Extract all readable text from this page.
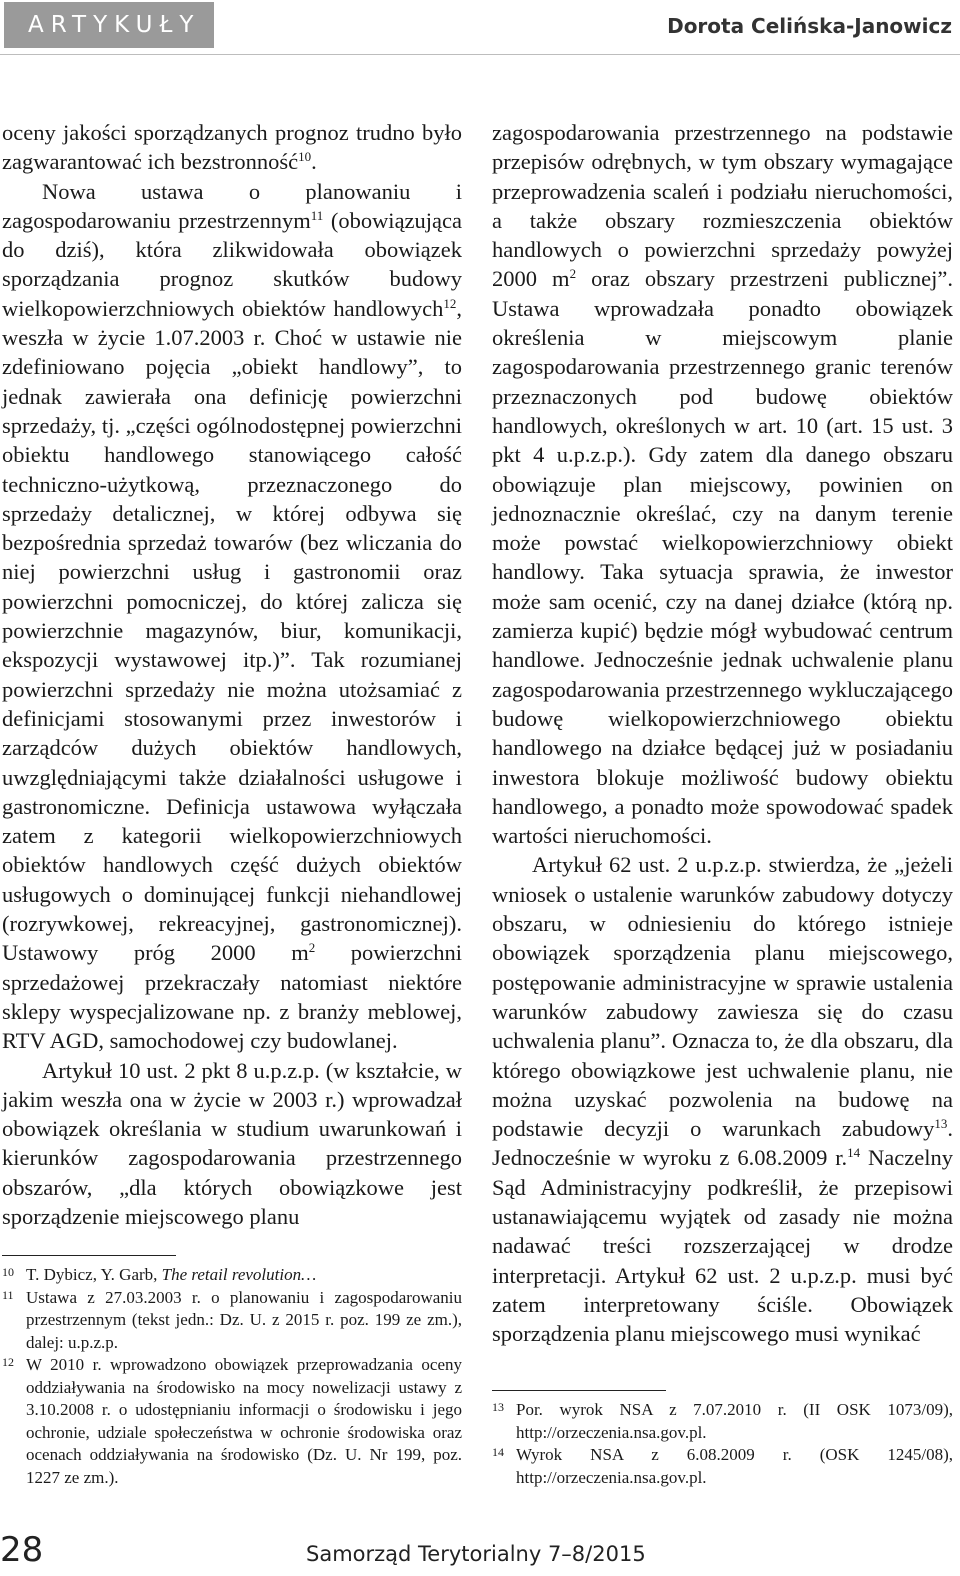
ARTYKUŁY	Dorota Celińska-Janowicz

oceny jakości sporządzanych prognoz trudno było zagwarantować ich bezstronność$^{10}$.

Nowa ustawa o planowaniu i zagospodarowaniu przestrzennym$^{11}$ (obowiązująca do dziś), która zlikwidowała obowiązek sporządzania prognoz skutków budowy wielkopowierzchniowych obiektów handlowych$^{12}$, weszła w życie 1.07.2003 r. Choć w ustawie nie zdefiniowano pojęcia „obiekt handlowy”, to jednak zawierała ona definicję powierzchni sprzedaży, tj. „części ogólnodostępnej powierzchni obiektu handlowego stanowiącego całość techniczno-użytkową, przeznaczonego do sprzedaży detalicznej, w której odbywa się bezpośrednia sprzedaż towarów (bez wliczania do niej powierzchni usług i gastronomii oraz powierzchni pomocniczej, do której zalicza się powierzchnie magazynów, biur, komunikacji, ekspozycji wystawowej itp.)”. Tak rozumianej powierzchni sprzedaży nie można utożsamiać z definicjami stosowanymi przez inwestorów i zarządców dużych obiektów handlowych, uwzględniającymi także działalności usługowe i gastronomiczne. Definicja ustawowa wyłączała zatem z kategorii wielkopowierzchniowych obiektów handlowych część dużych obiektów usługowych o dominującej funkcji niehandlowej (rozrywkowej, rekreacyjnej, gastronomicznej). Ustawowy próg 2000 $m^2$ powierzchni sprzedażowej przekraczały natomiast niektóre sklepy wyspecjalizowane np. z branży meblowej, RTV AGD, samochodowej czy budowlanej.

Artykuł 10 ust. 2 pkt 8 u.p.z.p. (w kształcie, w jakim weszła ona w życie w 2003 r.) wprowadzał obowiązek określania w studium uwarunkowań i kierunków zagospodarowania przestrzennego obszarów, „dla których obowiązkowe jest sporządzenie miejscowego planu

zagospodarowania przestrzennego na podstawie przepisów odrębnych, w tym obszary wymagające przeprowadzenia scaleń i podziału nieruchomości, a także obszary rozmieszczenia obiektów handlowych o powierzchni sprzedaży powyżej 2000 $m^2$ oraz obszary przestrzeni publicznej”. Ustawa wprowadzała ponadto obowiązek określenia w miejscowym planie zagospodarowania przestrzennego granic terenów przeznaczonych pod budowę obiektów handlowych, określonych w art. 10 (art. 15 ust. 3 pkt 4 u.p.z.p.). Gdy zatem dla danego obszaru obowiązuje plan miejscowy, powinien on jednoznacznie określać, czy na danym terenie może powstać wielkopowierzchniowy obiekt handlowy. Taka sytuacja sprawia, że inwestor może sam ocenić, czy na danej działce (którą np. zamierza kupić) będzie mógł wybudować centrum handlowe. Jednocześnie jednak uchwalenie planu zagospodarowania przestrzennego wykluczającego budowę wielkopowierzchniowego obiektu handlowego na działce będącej już w posiadaniu inwestora blokuje możliwość budowy obiektu handlowego, a ponadto może spowodować spadek wartości nieruchomości.

Artykuł 62 ust. 2 u.p.z.p. stwierdza, że „jeżeli wniosek o ustalenie warunków zabudowy dotyczy obszaru, w odniesieniu do którego istnieje obowiązek sporządzenia planu miejscowego, postępowanie administracyjne w sprawie ustalenia warunków zabudowy zawiesza się do czasu uchwalenia planu”. Oznacza to, że dla obszaru, dla którego obowiązkowe jest uchwalenie planu, nie można uzyskać pozwolenia na budowę na podstawie decyzji o warunkach zabudowy$^{13}$. Jednocześnie w wyroku z 6.08.2009 r.$^{14}$ Naczelny Sąd Administracyjny podkreślił, że przepisowi ustanawiającemu wyjątek od zasady nie można nadawać treści rozszerzającej w drodze interpretacji. Artykuł 62 ust. 2 u.p.z.p. musi być zatem interpretowany ściśle. Obowiązek sporządzenia planu miejscowego musi wynikać

10 T. Dybicz, Y. Garb, The retail revolution…
11 Ustawa z 27.03.2003 r. o planowaniu i zagospodarowaniu przestrzennym (tekst jedn.: Dz. U. z 2015 r. poz. 199 ze zm.), dalej: u.p.z.p.
12 W 2010 r. wprowadzono obowiązek przeprowadzania oceny oddziaływania na środowisko na mocy nowelizacji ustawy z 3.10.2008 r. o udostępnianiu informacji o środowisku i jego ochronie, udziale społeczeństwa w ochronie środowiska oraz ocenach oddziaływania na środowisko (Dz. U. Nr 199, poz. 1227 ze zm.).
13 Por. wyrok NSA z 7.07.2010 r. (II OSK 1073/09), http://orzeczenia.nsa.gov.pl.
14 Wyrok NSA z 6.08.2009 r. (OSK 1245/08), http://orzeczenia.nsa.gov.pl.
28	Samorząd Terytorialny 7–8/2015
